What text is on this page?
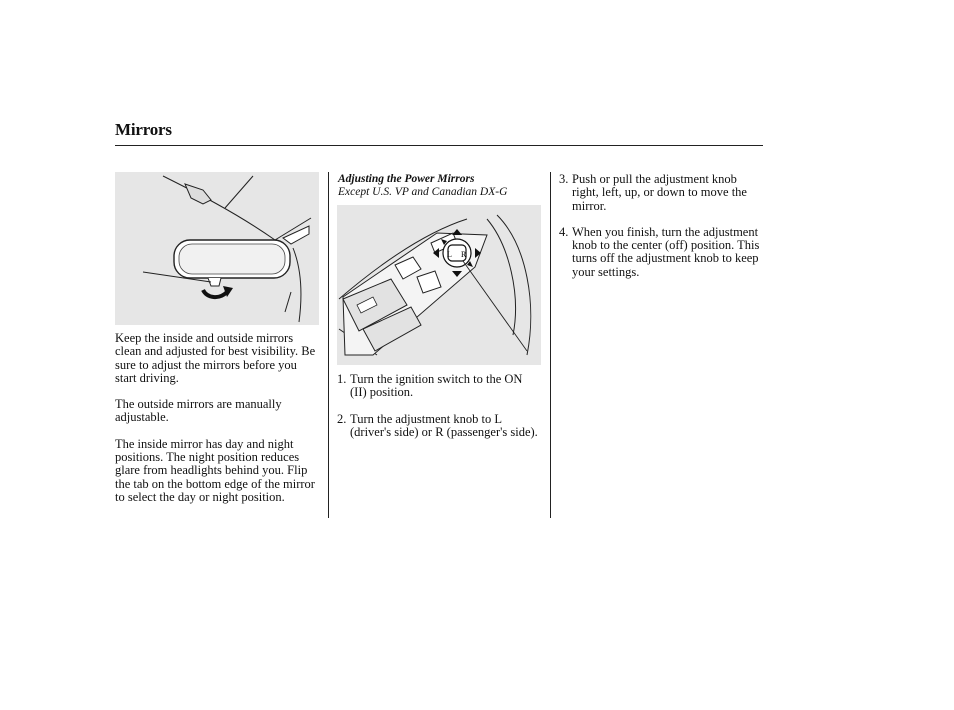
Mirrors

Keep the inside and outside mirrors clean and adjusted for best visibility. Be sure to adjust the mirrors before you start driving.

The outside mirrors are manually adjustable.

The inside mirror has day and night positions. The night position reduces glare from headlights behind you. Flip the tab on the bottom edge of the mirror to select the day or night position.

Adjusting the Power Mirrors
Except U.S. VP and Canadian DX-G
L R
1. Turn the ignition switch to the ON (II) position.
2. Turn the adjustment knob to L (driver's side) or R (passenger's side).
3. Push or pull the adjustment knob right, left, up, or down to move the mirror.
4. When you finish, turn the adjustment knob to the center (off) position. This turns off the adjustment knob to keep your settings.
